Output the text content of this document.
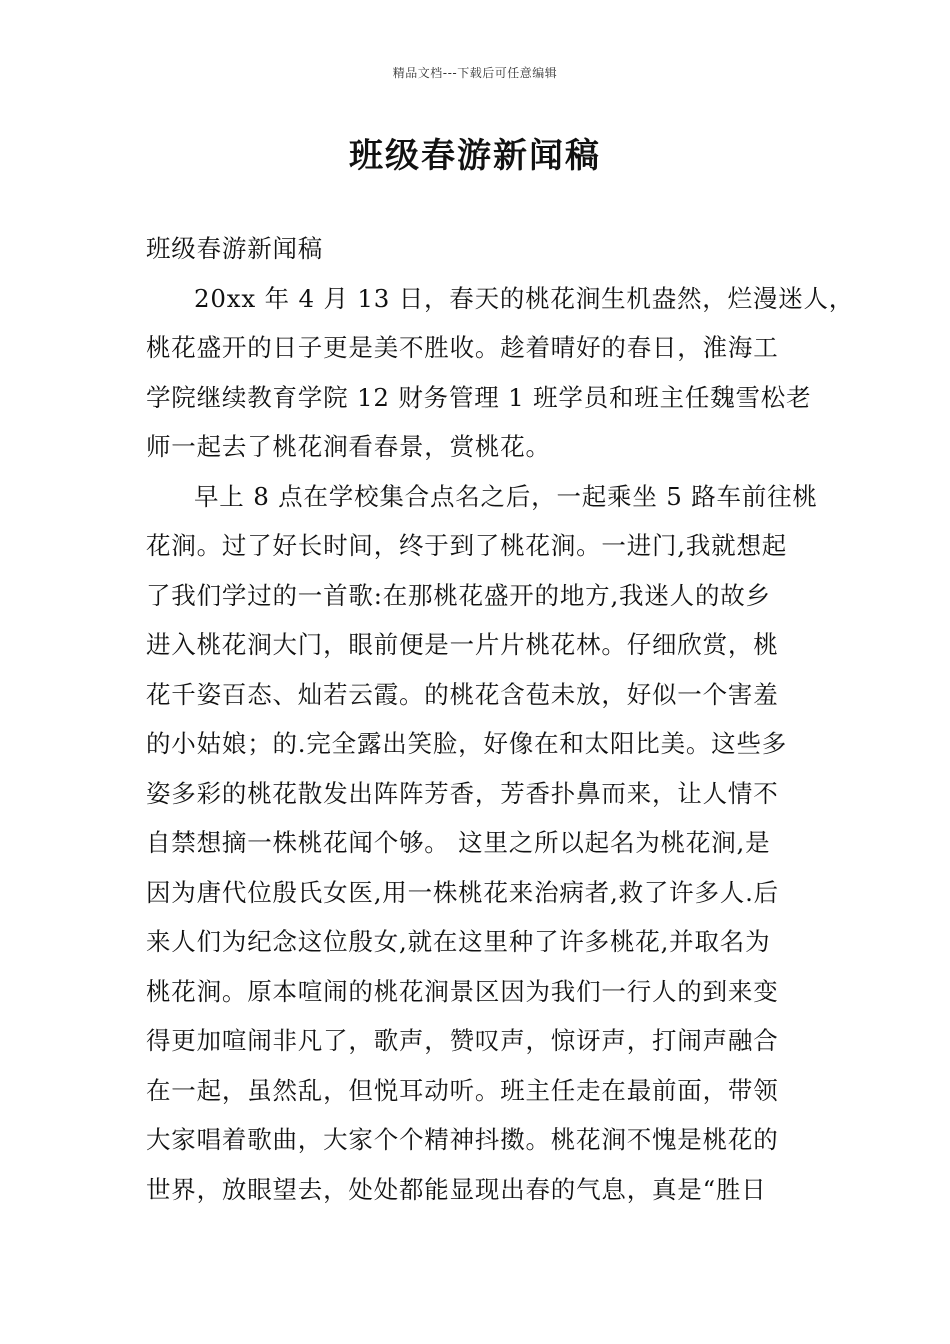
精品文档---下载后可任意编辑
班级春游新闻稿
班级春游新闻稿
20xx 年 4 月 13 日，春天的桃花涧生机盎然，烂漫迷人，
桃花盛开的日子更是美不胜收。趁着晴好的春日，淮海工
学院继续教育学院 12 财务管理 1 班学员和班主任魏雪松老
师一起去了桃花涧看春景，赏桃花。
早上 8 点在学校集合点名之后，一起乘坐 5 路车前往桃
花涧。过了好长时间，终于到了桃花涧。一进门,我就想起
了我们学过的一首歌:在那桃花盛开的地方,我迷人的故乡
进入桃花涧大门，眼前便是一片片桃花林。仔细欣赏，桃
花千姿百态、灿若云霞。的桃花含苞未放，好似一个害羞
的小姑娘；的.完全露出笑脸，好像在和太阳比美。这些多
姿多彩的桃花散发出阵阵芳香，芳香扑鼻而来，让人情不
自禁想摘一株桃花闻个够。 这里之所以起名为桃花涧,是
因为唐代位殷氏女医,用一株桃花来治病者,救了许多人.后
来人们为纪念这位殷女,就在这里种了许多桃花,并取名为
桃花涧。原本喧闹的桃花涧景区因为我们一行人的到来变
得更加喧闹非凡了，歌声，赞叹声，惊讶声，打闹声融合
在一起，虽然乱，但悦耳动听。班主任走在最前面，带领
大家唱着歌曲，大家个个精神抖擞。桃花涧不愧是桃花的
世界，放眼望去，处处都能显现出春的气息，真是“胜日
